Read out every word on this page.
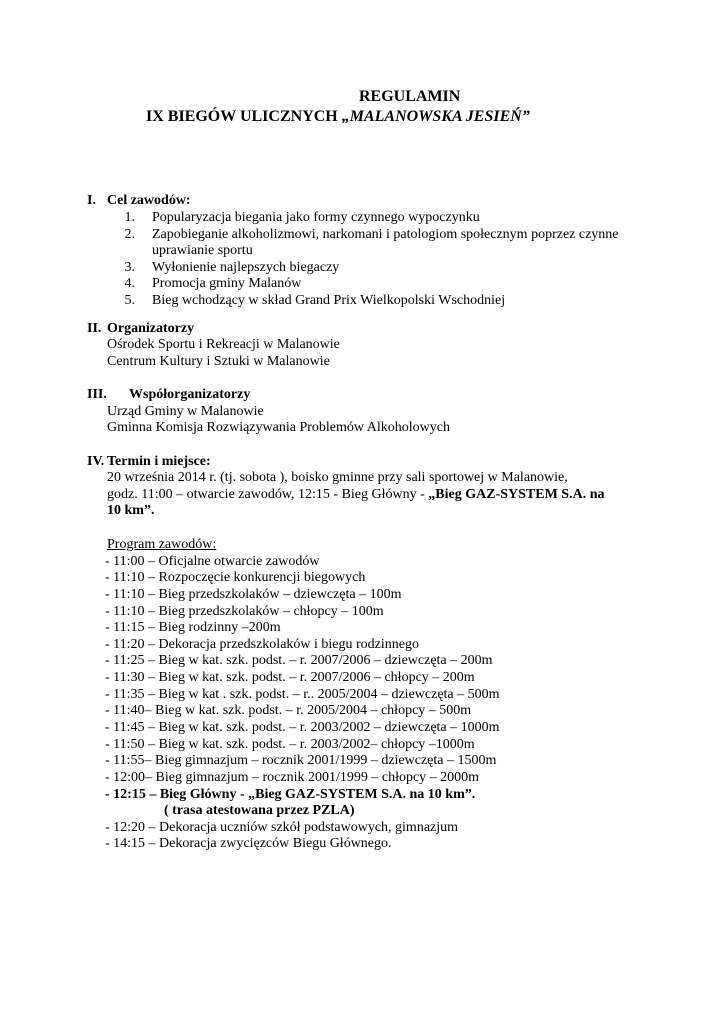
REGULAMIN
IX BIEGÓW ULICZNYCH „MALANOWSKA JESIEŃ”
I. Cel zawodów:
1. Popularyzacja biegania jako formy czynnego wypoczynku
2. Zapobieganie alkoholizmowi, narkomani i patologiom społecznym poprzez czynne
uprawianie sportu
3. Wyłonienie najlepszych biegaczy
4. Promocja gminy Malanów
5. Bieg wchodzący w skład Grand Prix Wielkopolski Wschodniej
II. Organizatorzy
Ośrodek Sportu i Rekreacji w Malanowie
Centrum Kultury i Sztuki w Malanowie
III. Współorganizatorzy
Urząd Gminy w Malanowie
Gminna Komisja Rozwiązywania Problemów Alkoholowych
IV. Termin i miejsce:
20 września 2014 r. (tj. sobota ), boisko gminne przy sali sportowej w Malanowie,
godz. 11:00 – otwarcie zawodów, 12:15 - Bieg Główny - „Bieg GAZ-SYSTEM S.A. na
10 km”.
Program zawodów:
- 11:00 – Oficjalne otwarcie zawodów
- 11:10 – Rozpoczęcie konkurencji biegowych
- 11:10 – Bieg przedszkolaków – dziewczęta – 100m
- 11:10 – Bieg przedszkolaków – chłopcy – 100m
- 11:15 – Bieg rodzinny –200m
- 11:20 – Dekoracja przedszkolaków i biegu rodzinnego
- 11:25 – Bieg w kat. szk. podst. – r. 2007/2006 – dziewczęta – 200m
- 11:30 – Bieg w kat. szk. podst. – r. 2007/2006 – chłopcy – 200m
- 11:35 – Bieg w kat . szk. podst. – r.. 2005/2004 – dziewczęta – 500m
- 11:40– Bieg w kat. szk. podst. – r. 2005/2004 – chłopcy – 500m
- 11:45 – Bieg w kat. szk. podst. – r. 2003/2002 – dziewczęta – 1000m
- 11:50 – Bieg w kat. szk. podst. – r. 2003/2002– chłopcy –1000m
- 11:55– Bieg gimnazjum – rocznik 2001/1999 – dziewczęta – 1500m
- 12:00– Bieg gimnazjum – rocznik 2001/1999 – chłopcy – 2000m
- 12:15 – Bieg Główny - „Bieg GAZ-SYSTEM S.A. na 10 km”.
( trasa atestowana przez PZLA)
- 12:20 – Dekoracja uczniów szkół podstawowych, gimnazjum
- 14:15 – Dekoracja zwycięzców Biegu Głównego.
